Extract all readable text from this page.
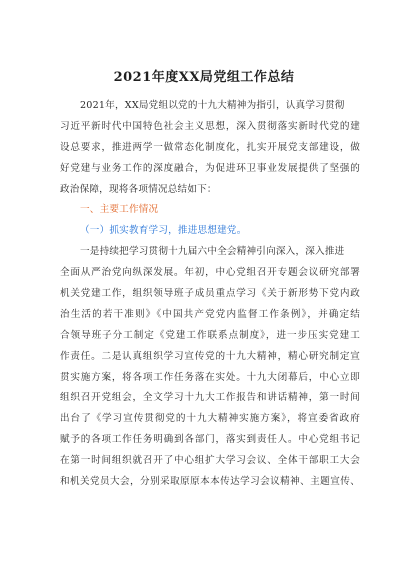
2021年度XX局党组工作总结
2021年，XX局党组以党的十九大精神为指引，认真学习贯彻
习近平新时代中国特色社会主义思想，深入贯彻落实新时代党的建
设总要求，推进两学一做常态化制度化，扎实开展党支部建设，做
好党建与业务工作的深度融合，为促进环卫事业发展提供了坚强的
政治保障，现将各项情况总结如下：
一、主要工作情况
（一）抓实教育学习，推进思想建党。
一是持续把学习贯彻十九届六中全会精神引向深入，深入推进
全面从严治党向纵深发展。年初，中心党组召开专题会议研究部署
机关党建工作，组织领导班子成员重点学习《关于新形势下党内政
治生活的若干准则》《中国共产党党内监督工作条例》，并确定结
合领导班子分工制定《党建工作联系点制度》，进一步压实党建工
作责任。二是认真组织学习宣传党的十九大精神，精心研究制定宣
贯实施方案，将各项工作任务落在实处。十九大闭幕后，中心立即
组织召开党组会，全文学习十九大工作报告和讲话精神，第一时间
出台了《学习宣传贯彻党的十九大精神实施方案》，将宣委省政府
赋予的各项工作任务明确到各部门，落实到责任人。中心党组书记
在第一时间组织就召开了中心组扩大学习会议、全体干部职工大会
和机关党员大会，分别采取原原本本传达学习会议精神、主题宣传、
